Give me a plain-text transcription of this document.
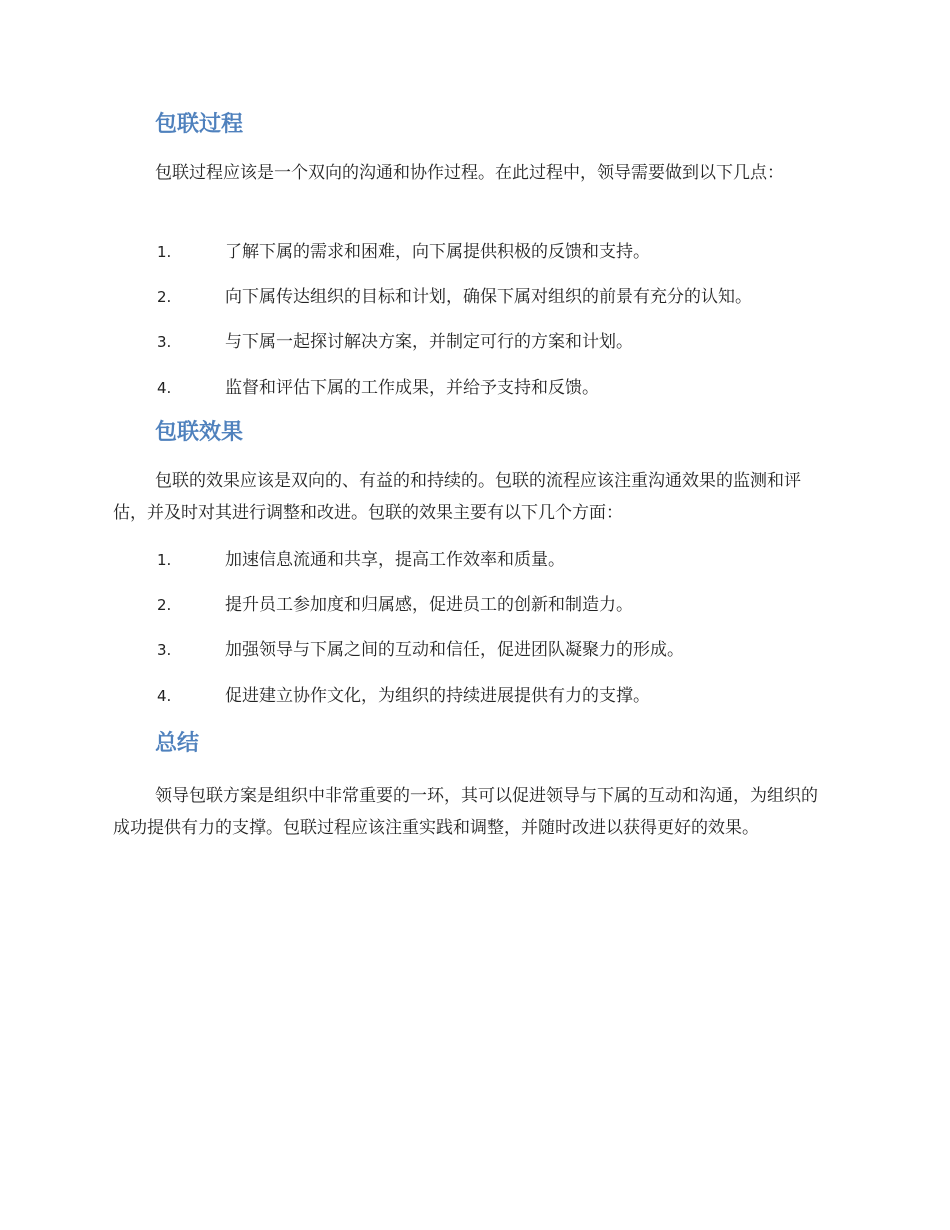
包联过程

包联过程应该是一个双向的沟通和协作过程。在此过程中，领导需要做到以下几点：

1.	了解下属的需求和困难，向下属提供积极的反馈和支持。
2.	向下属传达组织的目标和计划，确保下属对组织的前景有充分的认知。
3.	与下属一起探讨解决方案，并制定可行的方案和计划。
4.	监督和评估下属的工作成果，并给予支持和反馈。
包联效果

包联的效果应该是双向的、有益的和持续的。包联的流程应该注重沟通效果的监测和评估，并及时对其进行调整和改进。包联的效果主要有以下几个方面：

1.	加速信息流通和共享，提高工作效率和质量。
2.	提升员工参加度和归属感，促进员工的创新和制造力。
3.	加强领导与下属之间的互动和信任，促进团队凝聚力的形成。
4.	促进建立协作文化，为组织的持续进展提供有力的支撑。
总结

领导包联方案是组织中非常重要的一环，其可以促进领导与下属的互动和沟通，为组织的成功提供有力的支撑。包联过程应该注重实践和调整，并随时改进以获得更好的效果。
